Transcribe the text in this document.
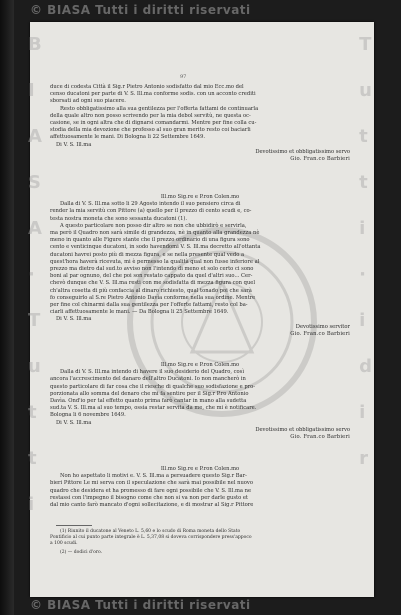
© BIASA Tutti i diritti riservati
© BIASA Tutti i diritti riservati
B
I
A
S
A
·
T
u
t
t
i
T
u
t
t
i
·
i
d
i
r
97

duce di codesta Città il Sig.r Pietro Antonio sodisfatto dal mio Ecc.mo del

censo ducatoni per parte di V. S. Ill.ma conforme sodis. con un acconto crediti

sborsati ad ogni suo piacere.

Resto obbligatissimo alla sua gentilezza per l'offerta fattami de continuarla

della quale altro non posso scrivendo per la mia debol servitù, ne questa oc-

casione, se in ogni altra che di dignarsi comandarmi. Mentre per fine colla cu-

stodia della mia devozione che professo al suo gran merito resto coi baciarli

affettuosamente le mani. Di Bologna li 22 Settembre 1649.

Di V. S. Ill.ma

Devotissimo et obbligatissimo servo

Gio. Fran.co Barbieri

Ill.mo Sig.re e P.ron Colen.mo

Dalla di V. S. Ill.ma sotto li 29 Agosto intendo il suo pensiero circa di

render la mia servitù con Pittore (a) quello per il prezzo di cento scudi e, co-

testa nostra moneta che sono sessanta ducatoni (1).

A questo particolare non posso dir altro se non che ubbidirò e servirla,

ma però il Quadro non sarà simile di grandezza, nè in quanto alla grandezza nè

meno in quanto alle Figure stante che il prezzo ordinario di una figura sono

cento e venticinque ducatoni, in sodo havendomi V. S. Ill.ma decretto all'ottanta

ducatoni havrei posto più di mezza figura, e se nella presente qual vedo a

quest'hora haverà ricevuta, mi è permesso la qualità qual non fusse inferiore al

prezzo ma dietro dal sud.to avviso non l'intendo di meno et solo certo ci sono

boni al par ognuno, del che poi son restato cappato da quel d'altri suo... Cer-

chevò dunque che V. S. Ill.ma resti con me sodisfatta di mezza figura con quel

ch'altra cosetta di più confaccia al dinaro richiesto, qual tonado poi che sarà

fo conseguirlo al S.re Pietro Antonio Davìa conforme nella sua ordine. Mentre

per fine col chinarmi dalla sua gentilezza per l'offerte fattami, resto col ba-

ciarli affettuosamente le mani. — Da Bologna li 25 Settembre 1649.

Di V. S. Ill.ma

Devotissimo servitor

Gio. Fran.co Barbieri

Ill.mo Sig.re e P.ron Colen.mo

Dalla di V. S. Ill.ma intendo di havere il suo desiderio del Quadro, così

ancora l'accrescimento del danaro dell'altro Ducatoni. Io non mancherò in

questo particolare di far cosa che il riesche di qualche suo sodisfazione e pro-

porzionata allo somma del denaro che mi fa sentire per il Sig.r P.ro Antonio

Davìa. Ond'io per tal effetto quanto prima farò cantar in mano alla sudetta

sud.ta V. S. Ill.ma al suo tempo, ossia restar servita da me, che mi è notificare.

Bologna li 6 novembre 1649.

Di V. S. Ill.ma

Devotissimo et obbligatissimo servo

Gio. Fran.co Barbieri

Ill.mo Sig.re e P.ron Colen.mo

Non ho aspettato li motivi e. V. S. Ill.ma a persuadere questo Sig.r Bar-

bieri Pittore Le mi serva con il speculazione che sarà mai possibile nel nuovo

quadro che desidera et ha promesso di fare ogni possibile che V. S. Ill.ma ne

restassi con l'impegno il bisogno come che non si va non per darle gusto et

dal mio canto farò mancato d'ogni sollecitazione, e di mostrar al Sig.r Pittore

(1) Riunito il ducatone al Veneto L. 5,60 e lo scudo di Roma moneta dello Stato

Pontificio al cui punto parte integrale è L. 5,37,08 si doveva corrispondere press'appoco

a 100 scudi.

(2) — dodici d'oro.
